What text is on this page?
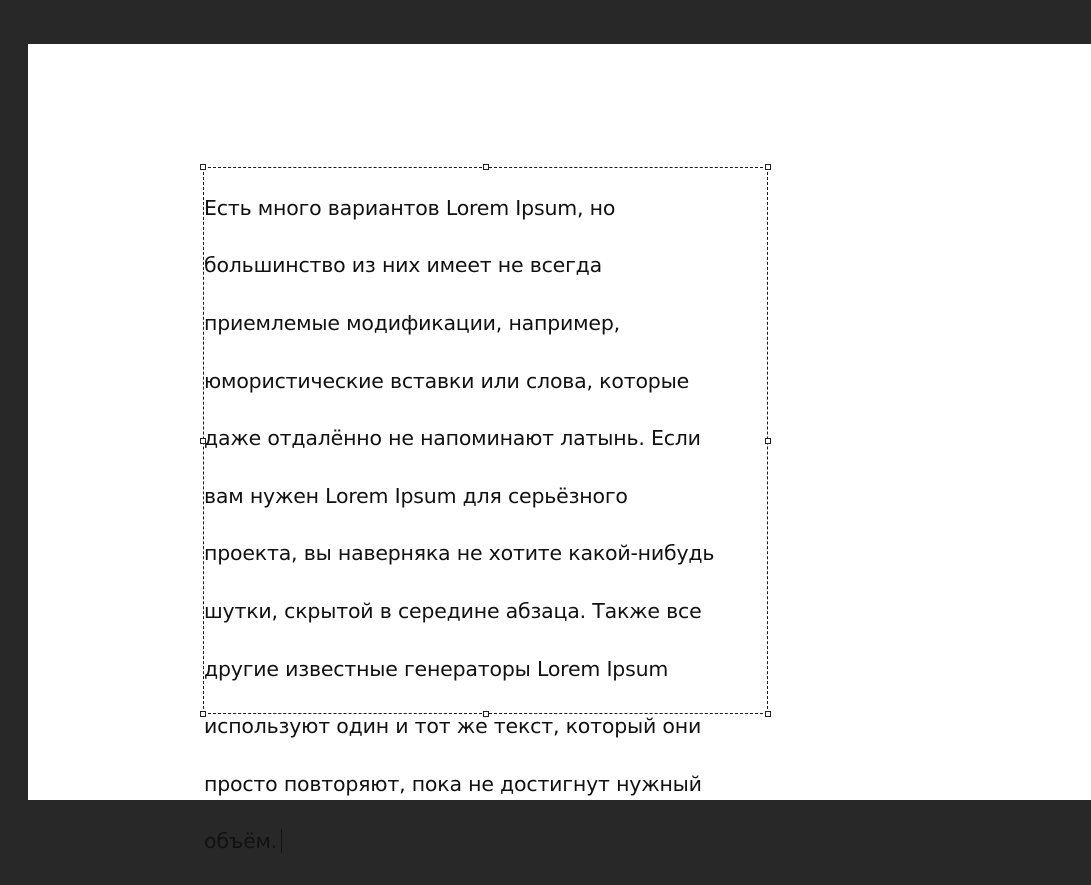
Есть много вариантов Lorem Ipsum, но

большинство из них имеет не всегда

приемлемые модификации, например,

юмористические вставки или слова, которые

даже отдалённо не напоминают латынь. Если

вам нужен Lorem Ipsum для серьёзного

проекта, вы наверняка не хотите какой-нибудь

шутки, скрытой в середине абзаца. Также все

другие известные генераторы Lorem Ipsum

используют один и тот же текст, который они

просто повторяют, пока не достигнут нужный

объём.
